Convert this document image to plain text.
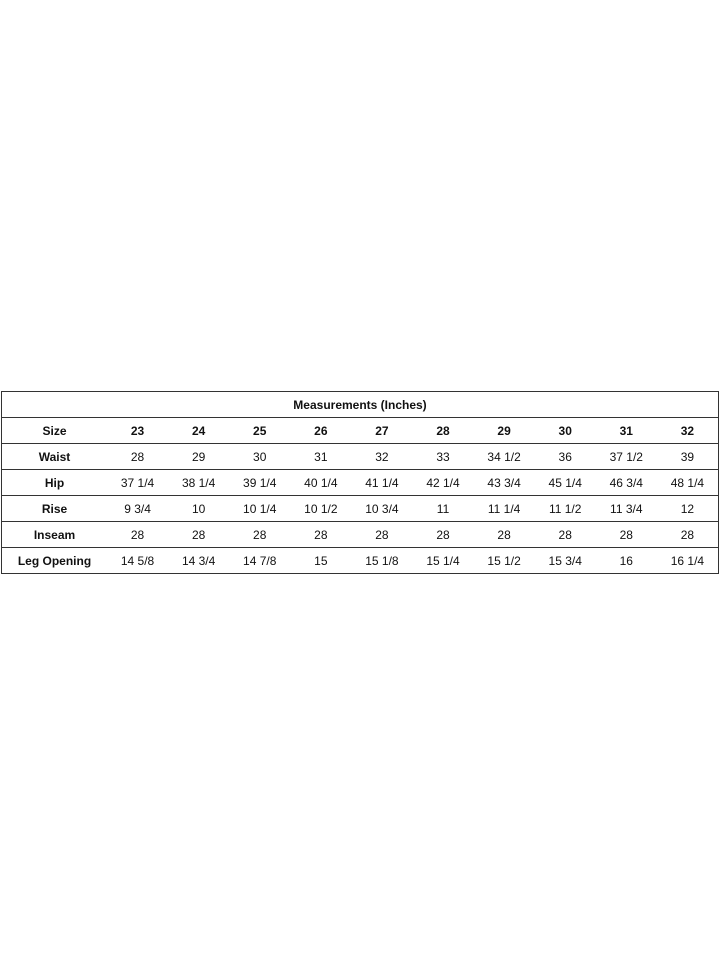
Measurements (Inches)										
Size	23	24	25	26	27	28	29	30	31	32
Waist	28	29	30	31	32	33	34 1/2	36	37 1/2	39
Hip	37 1/4	38 1/4	39 1/4	40 1/4	41 1/4	42 1/4	43 3/4	45 1/4	46 3/4	48 1/4
Rise	9 3/4	10	10 1/4	10 1/2	10 3/4	11	11 1/4	11 1/2	11 3/4	12
Inseam	28	28	28	28	28	28	28	28	28	28
Leg Opening	14 5/8	14 3/4	14 7/8	15	15 1/8	15 1/4	15 1/2	15 3/4	16	16 1/4
